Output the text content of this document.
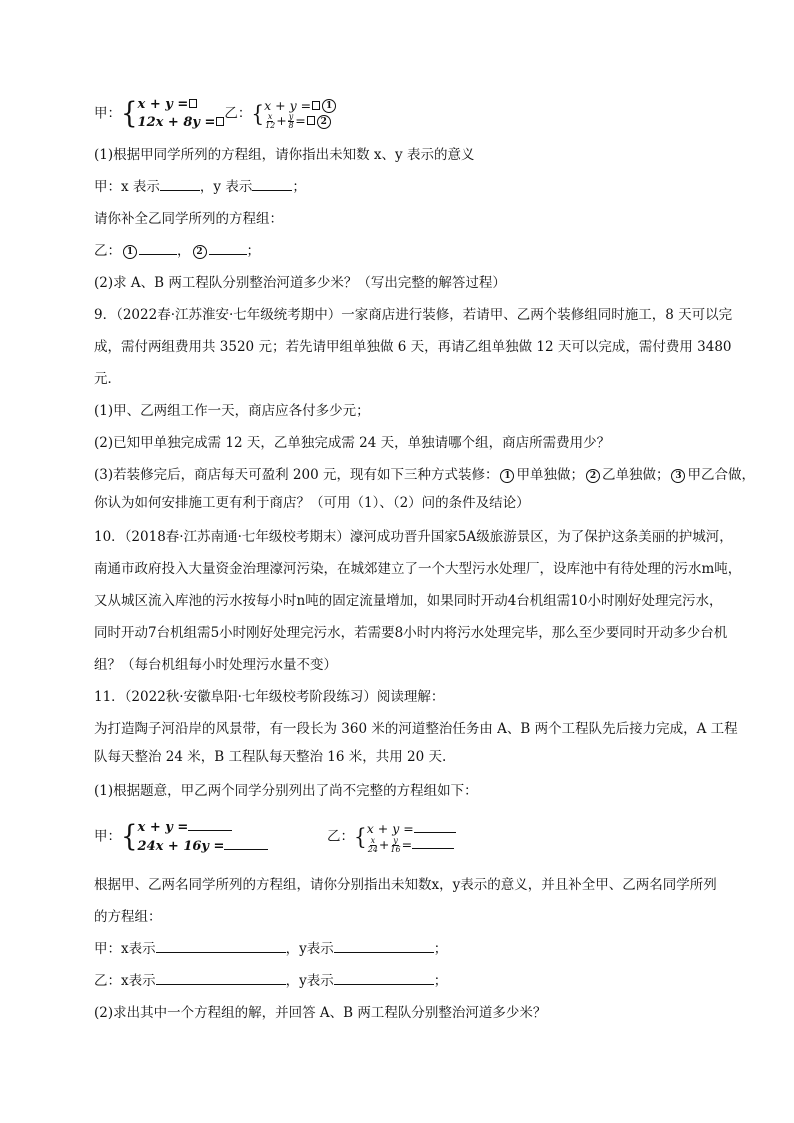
甲：{ x + y =
12x + 8y =
乙：{ x + y = 1
$\frac{x}{12} + \frac{y}{8} = 2$
(1)根据甲同学所列的方程组，请你指出未知数 x、y 表示的意义
甲：x 表示	，y 表示	；
请你补全乙同学所列的方程组：
乙： 1	， 2	；
(2)求 A、B 两工程队分别整治河道多少米？（写出完整的解答过程）
9．（2022春·江苏淮安·七年级统考期中）一家商店进行装修，若请甲、乙两个装修组同时施工，8 天可以完
成，需付两组费用共 3520 元；若先请甲组单独做 6 天，再请乙组单独做 12 天可以完成，需付费用 3480
元．
(1)甲、乙两组工作一天，商店应各付多少元；
(2)已知甲单独完成需 12 天，乙单独完成需 24 天，单独请哪个组，商店所需费用少？
(3)若装修完后，商店每天可盈利 200 元，现有如下三种方式装修： 1 甲单独做； 2 乙单独做； 3 甲乙合做，
你认为如何安排施工更有利于商店？（可用（1）、（2）问的条件及结论）
10．（2018春·江苏南通·七年级校考期末）濠河成功晋升国家5A级旅游景区，为了保护这条美丽的护城河，
南通市政府投入大量资金治理濠河污染，在城郊建立了一个大型污水处理厂，设库池中有待处理的污水m吨，
又从城区流入库池的污水按每小时n吨的固定流量增加，如果同时开动4台机组需10小时刚好处理完污水，
同时开动7台机组需5小时刚好处理完污水，若需要8小时内将污水处理完毕，那么至少要同时开动多少台机
组？（每台机组每小时处理污水量不变）
11．（2022秋·安徽阜阳·七年级校考阶段练习）阅读理解：
为打造陶子河沿岸的风景带，有一段长为 360 米的河道整治任务由 A、B 两个工程队先后接力完成，A 工程
队每天整治 24 米，B 工程队每天整治 16 米，共用 20 天.
(1)根据题意，甲乙两个同学分别列出了尚不完整的方程组如下：
甲：{ x + y =
24x + 16y =
乙：{ x + y =
$\frac{x}{24} + \frac{y}{16}$ =
根据甲、乙两名同学所列的方程组，请你分别指出未知数x，y表示的意义，并且补全甲、乙两名同学所列
的方程组：
甲：x表示	，y表示	；
乙：x表示	，y表示	；
(2)求出其中一个方程组的解，并回答 A、B 两工程队分别整治河道多少米？
